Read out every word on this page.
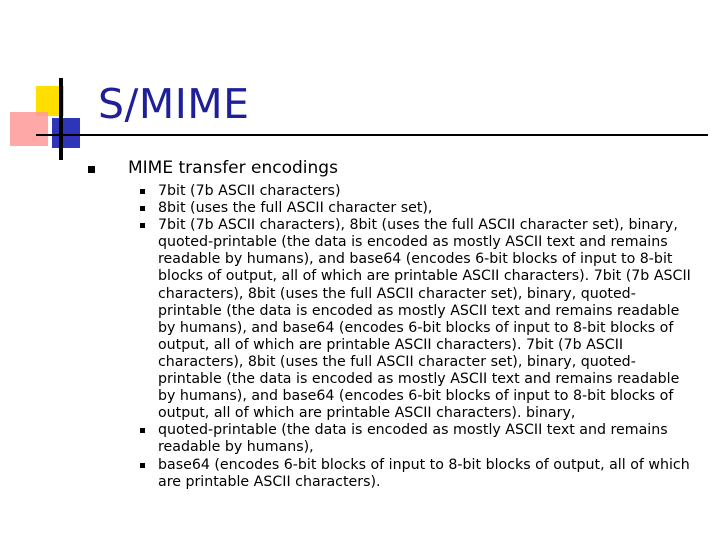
S/MIME
MIME transfer encodings
7bit (7b ASCII characters)
8bit (uses the full ASCII character set),
7bit (7b ASCII characters), 8bit (uses the full ASCII character set), binary, quoted-printable (the data is encoded as mostly ASCII text and remains readable by humans), and base64 (encodes 6-bit blocks of input to 8-bit blocks of output, all of which are printable ASCII characters). 7bit (7b ASCII characters), 8bit (uses the full ASCII character set), binary, quoted-printable (the data is encoded as mostly ASCII text and remains readable by humans), and base64 (encodes 6-bit blocks of input to 8-bit blocks of output, all of which are printable ASCII characters). 7bit (7b ASCII characters), 8bit (uses the full ASCII character set), binary, quoted-printable (the data is encoded as mostly ASCII text and remains readable by humans), and base64 (encodes 6-bit blocks of input to 8-bit blocks of output, all of which are printable ASCII characters). binary,
quoted-printable (the data is encoded as mostly ASCII text and remains readable by humans),
base64 (encodes 6-bit blocks of input to 8-bit blocks of output, all of which are printable ASCII characters).
